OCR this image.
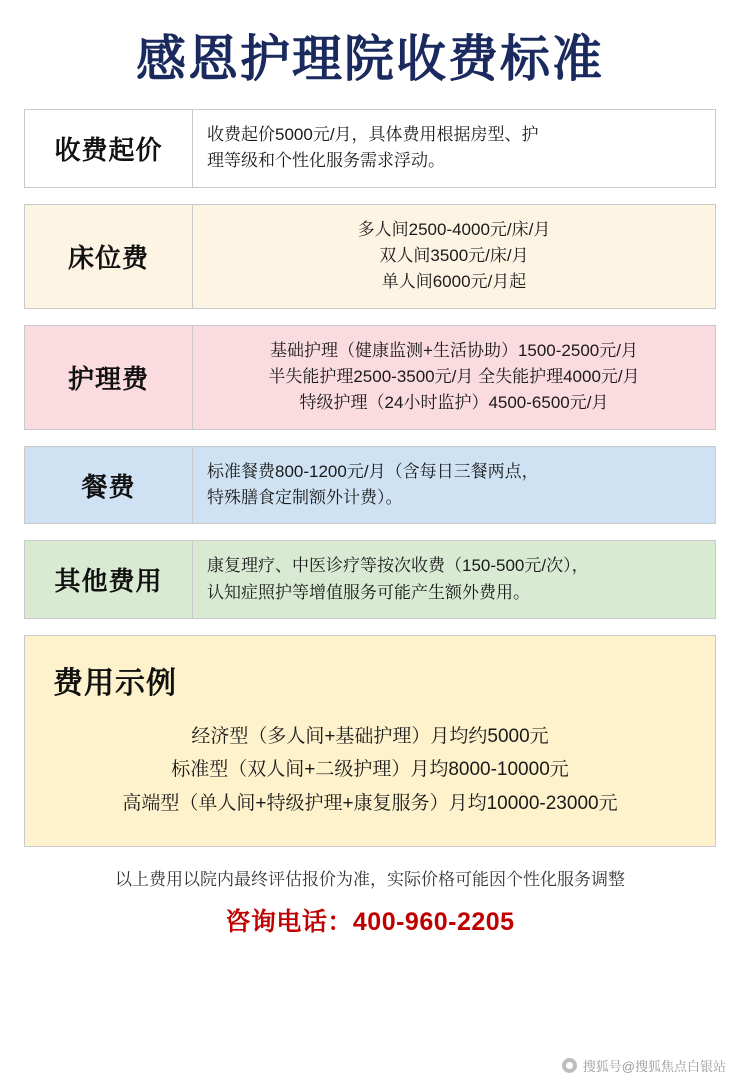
感恩护理院收费标准
收费起价

收费起价5000元/月，具体费用根据房型、护

理等级和个性化服务需求浮动。

床位费

多人间2500-4000元/床/月

双人间3500元/床/月

单人间6000元/月起

护理费

基础护理（健康监测+生活协助）1500-2500元/月

半失能护理2500-3500元/月 全失能护理4000元/月

特级护理（24小时监护）4500-6500元/月

餐费

标准餐费800-1200元/月（含每日三餐两点，

特殊膳食定制额外计费）。

其他费用

康复理疗、中医诊疗等按次收费（150-500元/次），

认知症照护等增值服务可能产生额外费用。

费用示例
经济型（多人间+基础护理）月均约5000元
标准型（双人间+二级护理）月均8000-10000元
高端型（单人间+特级护理+康复服务）月均10000-23000元
以上费用以院内最终评估报价为准，实际价格可能因个性化服务调整
咨询电话：400-960-2205
搜狐号@搜狐焦点白银站
